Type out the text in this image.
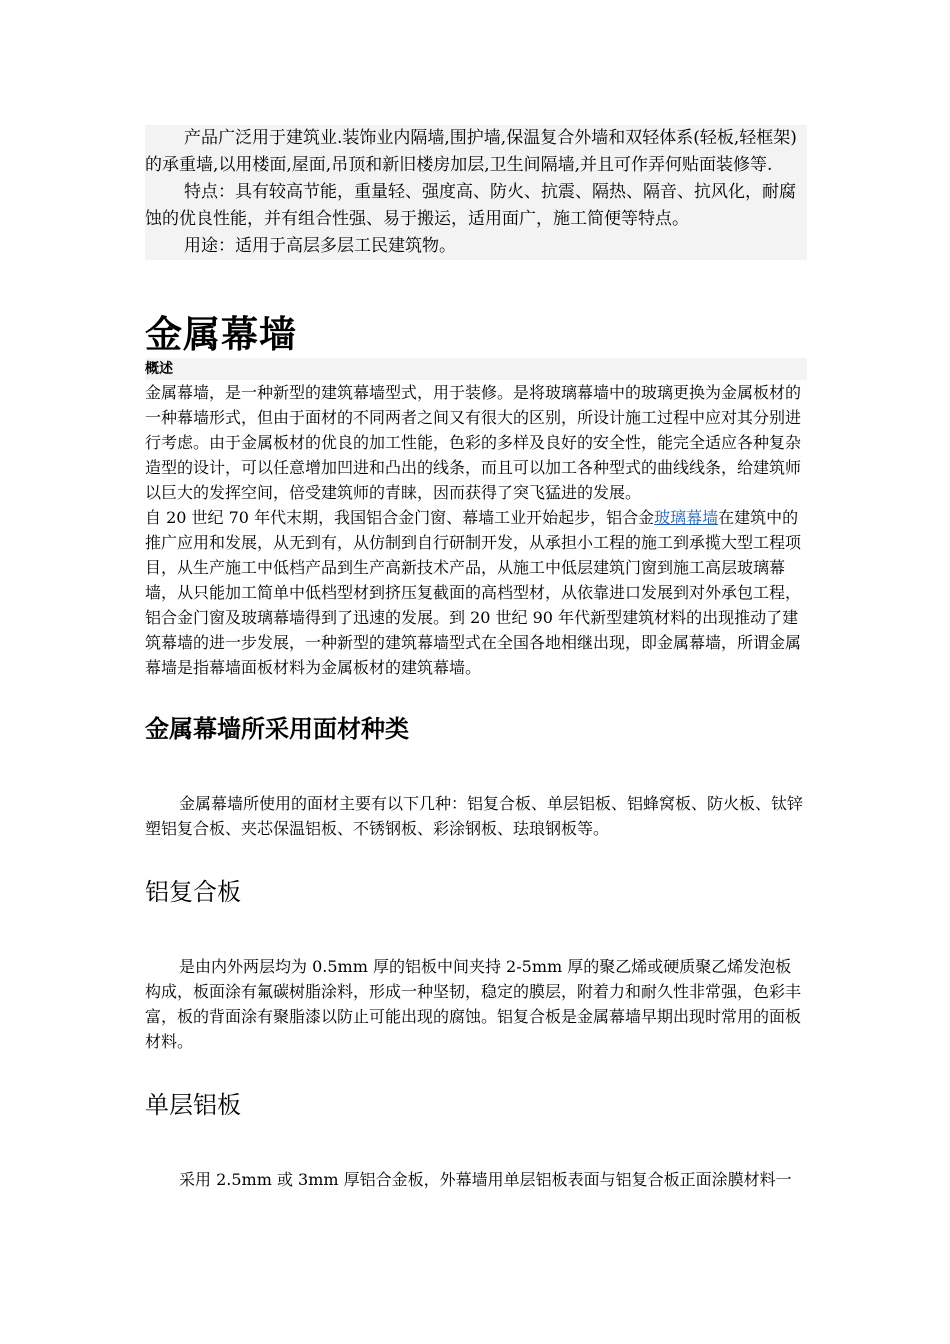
产品广泛用于建筑业.装饰业内隔墙,围护墙,保温复合外墙和双轻体系(轻板,轻框架)的承重墙,以用楼面,屋面,吊顶和新旧楼房加层,卫生间隔墙,并且可作弄何贴面装修等.

特点：具有较高节能，重量轻、强度高、防火、抗震、隔热、隔音、抗风化，耐腐蚀的优良性能，并有组合性强、易于搬运，适用面广，施工简便等特点。

用途：适用于高层多层工民建筑物。

金属幕墙

概述

金属幕墙，是一种新型的建筑幕墙型式，用于装修。是将玻璃幕墙中的玻璃更换为金属板材的一种幕墙形式，但由于面材的不同两者之间又有很大的区别，所设计施工过程中应对其分别进行考虑。由于金属板材的优良的加工性能，色彩的多样及良好的安全性，能完全适应各种复杂造型的设计，可以任意增加凹进和凸出的线条，而且可以加工各种型式的曲线线条，给建筑师以巨大的发挥空间，倍受建筑师的青睐，因而获得了突飞猛进的发展。

自 20 世纪 70 年代末期，我国铝合金门窗、幕墙工业开始起步，铝合金玻璃幕墙在建筑中的推广应用和发展，从无到有，从仿制到自行研制开发，从承担小工程的施工到承揽大型工程项目，从生产施工中低档产品到生产高新技术产品，从施工中低层建筑门窗到施工高层玻璃幕墙，从只能加工简单中低档型材到挤压复截面的高档型材，从依靠进口发展到对外承包工程，铝合金门窗及玻璃幕墙得到了迅速的发展。到 20 世纪 90 年代新型建筑材料的出现推动了建筑幕墙的进一步发展，一种新型的建筑幕墙型式在全国各地相继出现，即金属幕墙，所谓金属幕墙是指幕墙面板材料为金属板材的建筑幕墙。

金属幕墙所采用面材种类

金属幕墙所使用的面材主要有以下几种：铝复合板、单层铝板、铝蜂窝板、防火板、钛锌塑铝复合板、夹芯保温铝板、不锈钢板、彩涂钢板、珐琅钢板等。

铝复合板

是由内外两层均为 0.5mm 厚的铝板中间夹持 2-5mm 厚的聚乙烯或硬质聚乙烯发泡板构成，板面涂有氟碳树脂涂料，形成一种坚韧，稳定的膜层，附着力和耐久性非常强，色彩丰富，板的背面涂有聚脂漆以防止可能出现的腐蚀。铝复合板是金属幕墙早期出现时常用的面板材料。

单层铝板

采用 2.5mm 或 3mm 厚铝合金板，外幕墙用单层铝板表面与铝复合板正面涂膜材料一
